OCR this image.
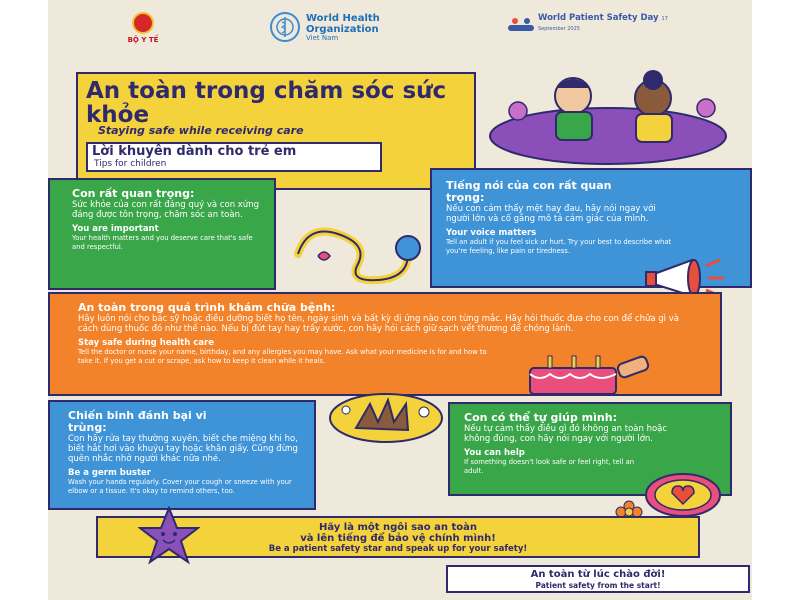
BỘ Y TẾ
World Health Organization
Viet Nam
World Patient Safety Day 17 September 2025
An toàn trong chăm sóc sức khỏe
Staying safe while receiving care
Lời khuyên dành cho trẻ em
Tips for children
Con rất quan trọng:
Sức khỏe của con rất đáng quý và con xứng đáng được tôn trọng, chăm sóc an toàn.
You are important
Your health matters and you deserve care that's safe and respectful.
Tiếng nói của con rất quan trọng:
Nếu con cảm thấy mệt hay đau, hãy nói ngay với người lớn và cố gắng mô tả cảm giác của mình.
Your voice matters
Tell an adult if you feel sick or hurt. Try your best to describe what you're feeling, like pain or tiredness.
An toàn trong quá trình khám chữa bệnh:
Hãy luôn nói cho bác sỹ hoặc điều dưỡng biết họ tên, ngày sinh và bất kỳ dị ứng nào con từng mắc. Hãy hỏi thuốc đưa cho con để chữa gì và cách dùng thuốc đó như thế nào. Nếu bị đứt tay hay trầy xước, con hãy hỏi cách giữ sạch vết thương để chóng lành.
Stay safe during health care
Tell the doctor or nurse your name, birthday, and any allergies you may have. Ask what your medicine is for and how to take it. If you get a cut or scrape, ask how to keep it clean while it heals.
Chiến binh đánh bại vi trùng:
Con hãy rửa tay thường xuyên, biết che miệng khi ho, biết hắt hơi vào khuỷu tay hoặc khăn giấy. Cũng đừng quên nhắc nhở người khác nữa nhé.
Be a germ buster
Wash your hands regularly. Cover your cough or sneeze with your elbow or a tissue. It's okay to remind others, too.
Con có thể tự giúp mình:
Nếu tự cảm thấy điều gì đó không an toàn hoặc không đúng, con hãy nói ngay với người lớn.
You can help
If something doesn't look safe or feel right, tell an adult.
Hãy là một ngôi sao an toàn
và lên tiếng để bảo vệ chính mình!
Be a patient safety star and speak up for your safety!
An toàn từ lúc chào đời!
Patient safety from the start!
